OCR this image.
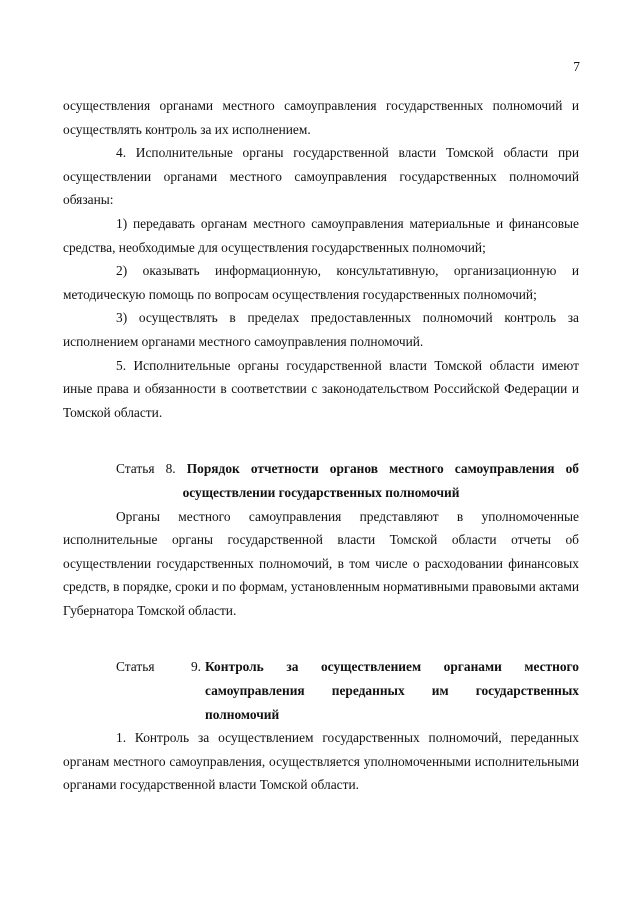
7

осуществления органами местного самоуправления государственных полномочий и осуществлять контроль за их исполнением.

4. Исполнительные органы государственной власти Томской области при осуществлении органами местного самоуправления государственных полномочий обязаны:

1) передавать органам местного самоуправления материальные и финансовые средства, необходимые для осуществления государственных полномочий;

2) оказывать информационную, консультативную, организационную и методическую помощь по вопросам осуществления государственных полномочий;

3) осуществлять в пределах предоставленных полномочий контроль за исполнением органами местного самоуправления полномочий.

5. Исполнительные органы государственной власти Томской области имеют иные права и обязанности в соответствии с законодательством Российской Федерации и Томской области.

Статья 8. Порядок отчетности органов местного самоуправления об

осуществлении государственных полномочий

Органы местного самоуправления представляют в уполномоченные исполнительные органы государственной власти Томской области отчеты об осуществлении государственных полномочий, в том числе о расходовании финансовых средств, в порядке, сроки и по формам, установленным нормативными правовыми актами Губернатора Томской области.

Статья	9. Контроль за осуществлением органами местного
самоуправления переданных им государственных
полномочий

1. Контроль за осуществлением государственных полномочий, переданных органам местного самоуправления, осуществляется уполномоченными исполнительными органами государственной власти Томской области.
